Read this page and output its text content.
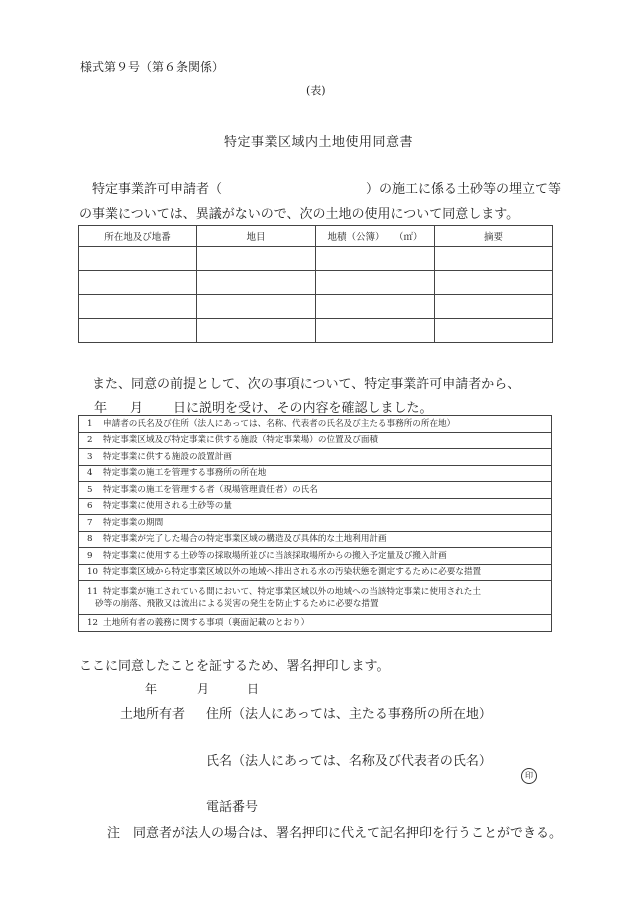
様式第９号（第６条関係）
(表)
特定事業区域内土地使用同意書
特定事業許可申請者（	）の施工に係る土砂等の埋立て等
の事業については、異議がないので、次の土地の使用について同意します。
所在地及び地番	地目	地積（公簿）　　（㎡）	摘要

また、同意の前提として、次の事項について、特定事業許可申請者から、
年 月 日に説明を受け、その内容を確認しました。
1 申請者の氏名及び住所（法人にあっては、名称、代表者の氏名及び主たる事務所の所在地）
2 特定事業区域及び特定事業に供する施設（特定事業場）の位置及び面積
3 特定事業に供する施設の設置計画
4 特定事業の施工を管理する事務所の所在地
5 特定事業の施工を管理する者（現場管理責任者）の氏名
6 特定事業に使用される土砂等の量
7 特定事業の期間
8 特定事業が完了した場合の特定事業区域の構造及び具体的な土地利用計画
9 特定事業に使用する土砂等の採取場所並びに当該採取場所からの搬入予定量及び搬入計画
10 特定事業区域から特定事業区域以外の地域へ排出される水の汚染状態を測定するために必要な措置
11 特定事業が施工されている間において、特定事業区域以外の地域への当該特定事業に使用された土
砂等の崩落、飛散又は流出による災害の発生を防止するために必要な措置
12 土地所有者の義務に関する事項（裏面記載のとおり）
ここに同意したことを証するため、署名押印します。
年	月	日
土地所有者 住所（法人にあっては、主たる事務所の所在地）
氏名（法人にあっては、名称及び代表者の氏名）
印
電話番号
注　同意者が法人の場合は、署名押印に代えて記名押印を行うことができる。
